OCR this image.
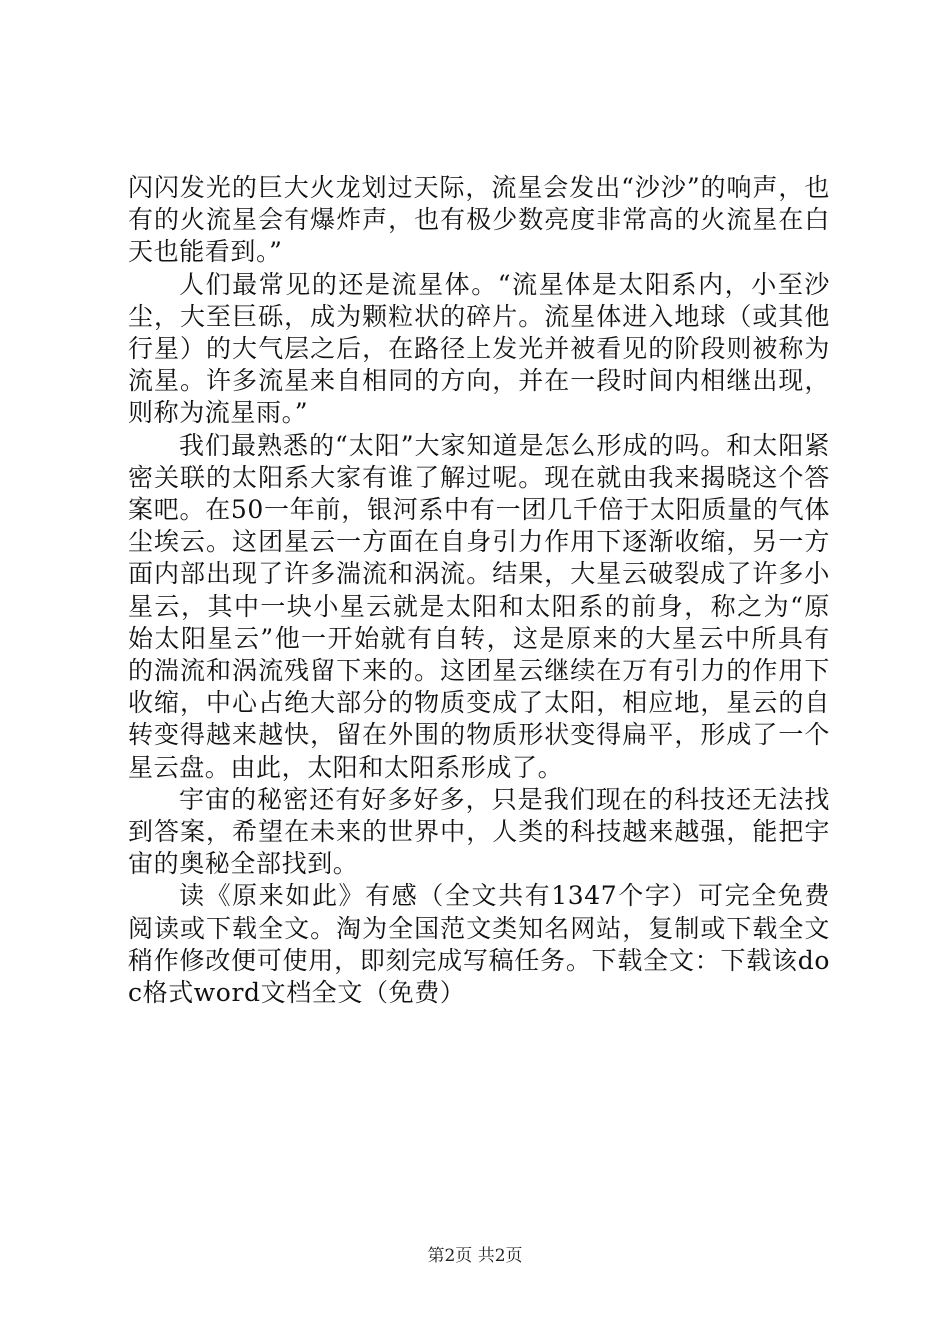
闪闪发光的巨大火龙划过天际，流星会发出“沙沙”的响声，也有的火流星会有爆炸声，也有极少数亮度非常高的火流星在白天也能看到。”

人们最常见的还是流星体。“流星体是太阳系内，小至沙尘，大至巨砾，成为颗粒状的碎片。流星体进入地球（或其他行星）的大气层之后，在路径上发光并被看见的阶段则被称为流星。许多流星来自相同的方向，并在一段时间内相继出现，则称为流星雨。”

我们最熟悉的“太阳”大家知道是怎么形成的吗。和太阳紧密关联的太阳系大家有谁了解过呢。现在就由我来揭晓这个答案吧。在50一年前，银河系中有一团几千倍于太阳质量的气体尘埃云。这团星云一方面在自身引力作用下逐渐收缩，另一方面内部出现了许多湍流和涡流。结果，大星云破裂成了许多小星云，其中一块小星云就是太阳和太阳系的前身，称之为“原始太阳星云”他一开始就有自转，这是原来的大星云中所具有的湍流和涡流残留下来的。这团星云继续在万有引力的作用下收缩，中心占绝大部分的物质变成了太阳，相应地，星云的自转变得越来越快，留在外围的物质形状变得扁平，形成了一个星云盘。由此，太阳和太阳系形成了。

宇宙的秘密还有好多好多，只是我们现在的科技还无法找到答案，希望在未来的世界中，人类的科技越来越强，能把宇宙的奥秘全部找到。

读《原来如此》有感（全文共有1347个字）可完全免费阅读或下载全文。淘为全国范文类知名网站，复制或下载全文稍作修改便可使用，即刻完成写稿任务。下载全文：下载该doc格式word文档全文（免费）

第2页 共2页
